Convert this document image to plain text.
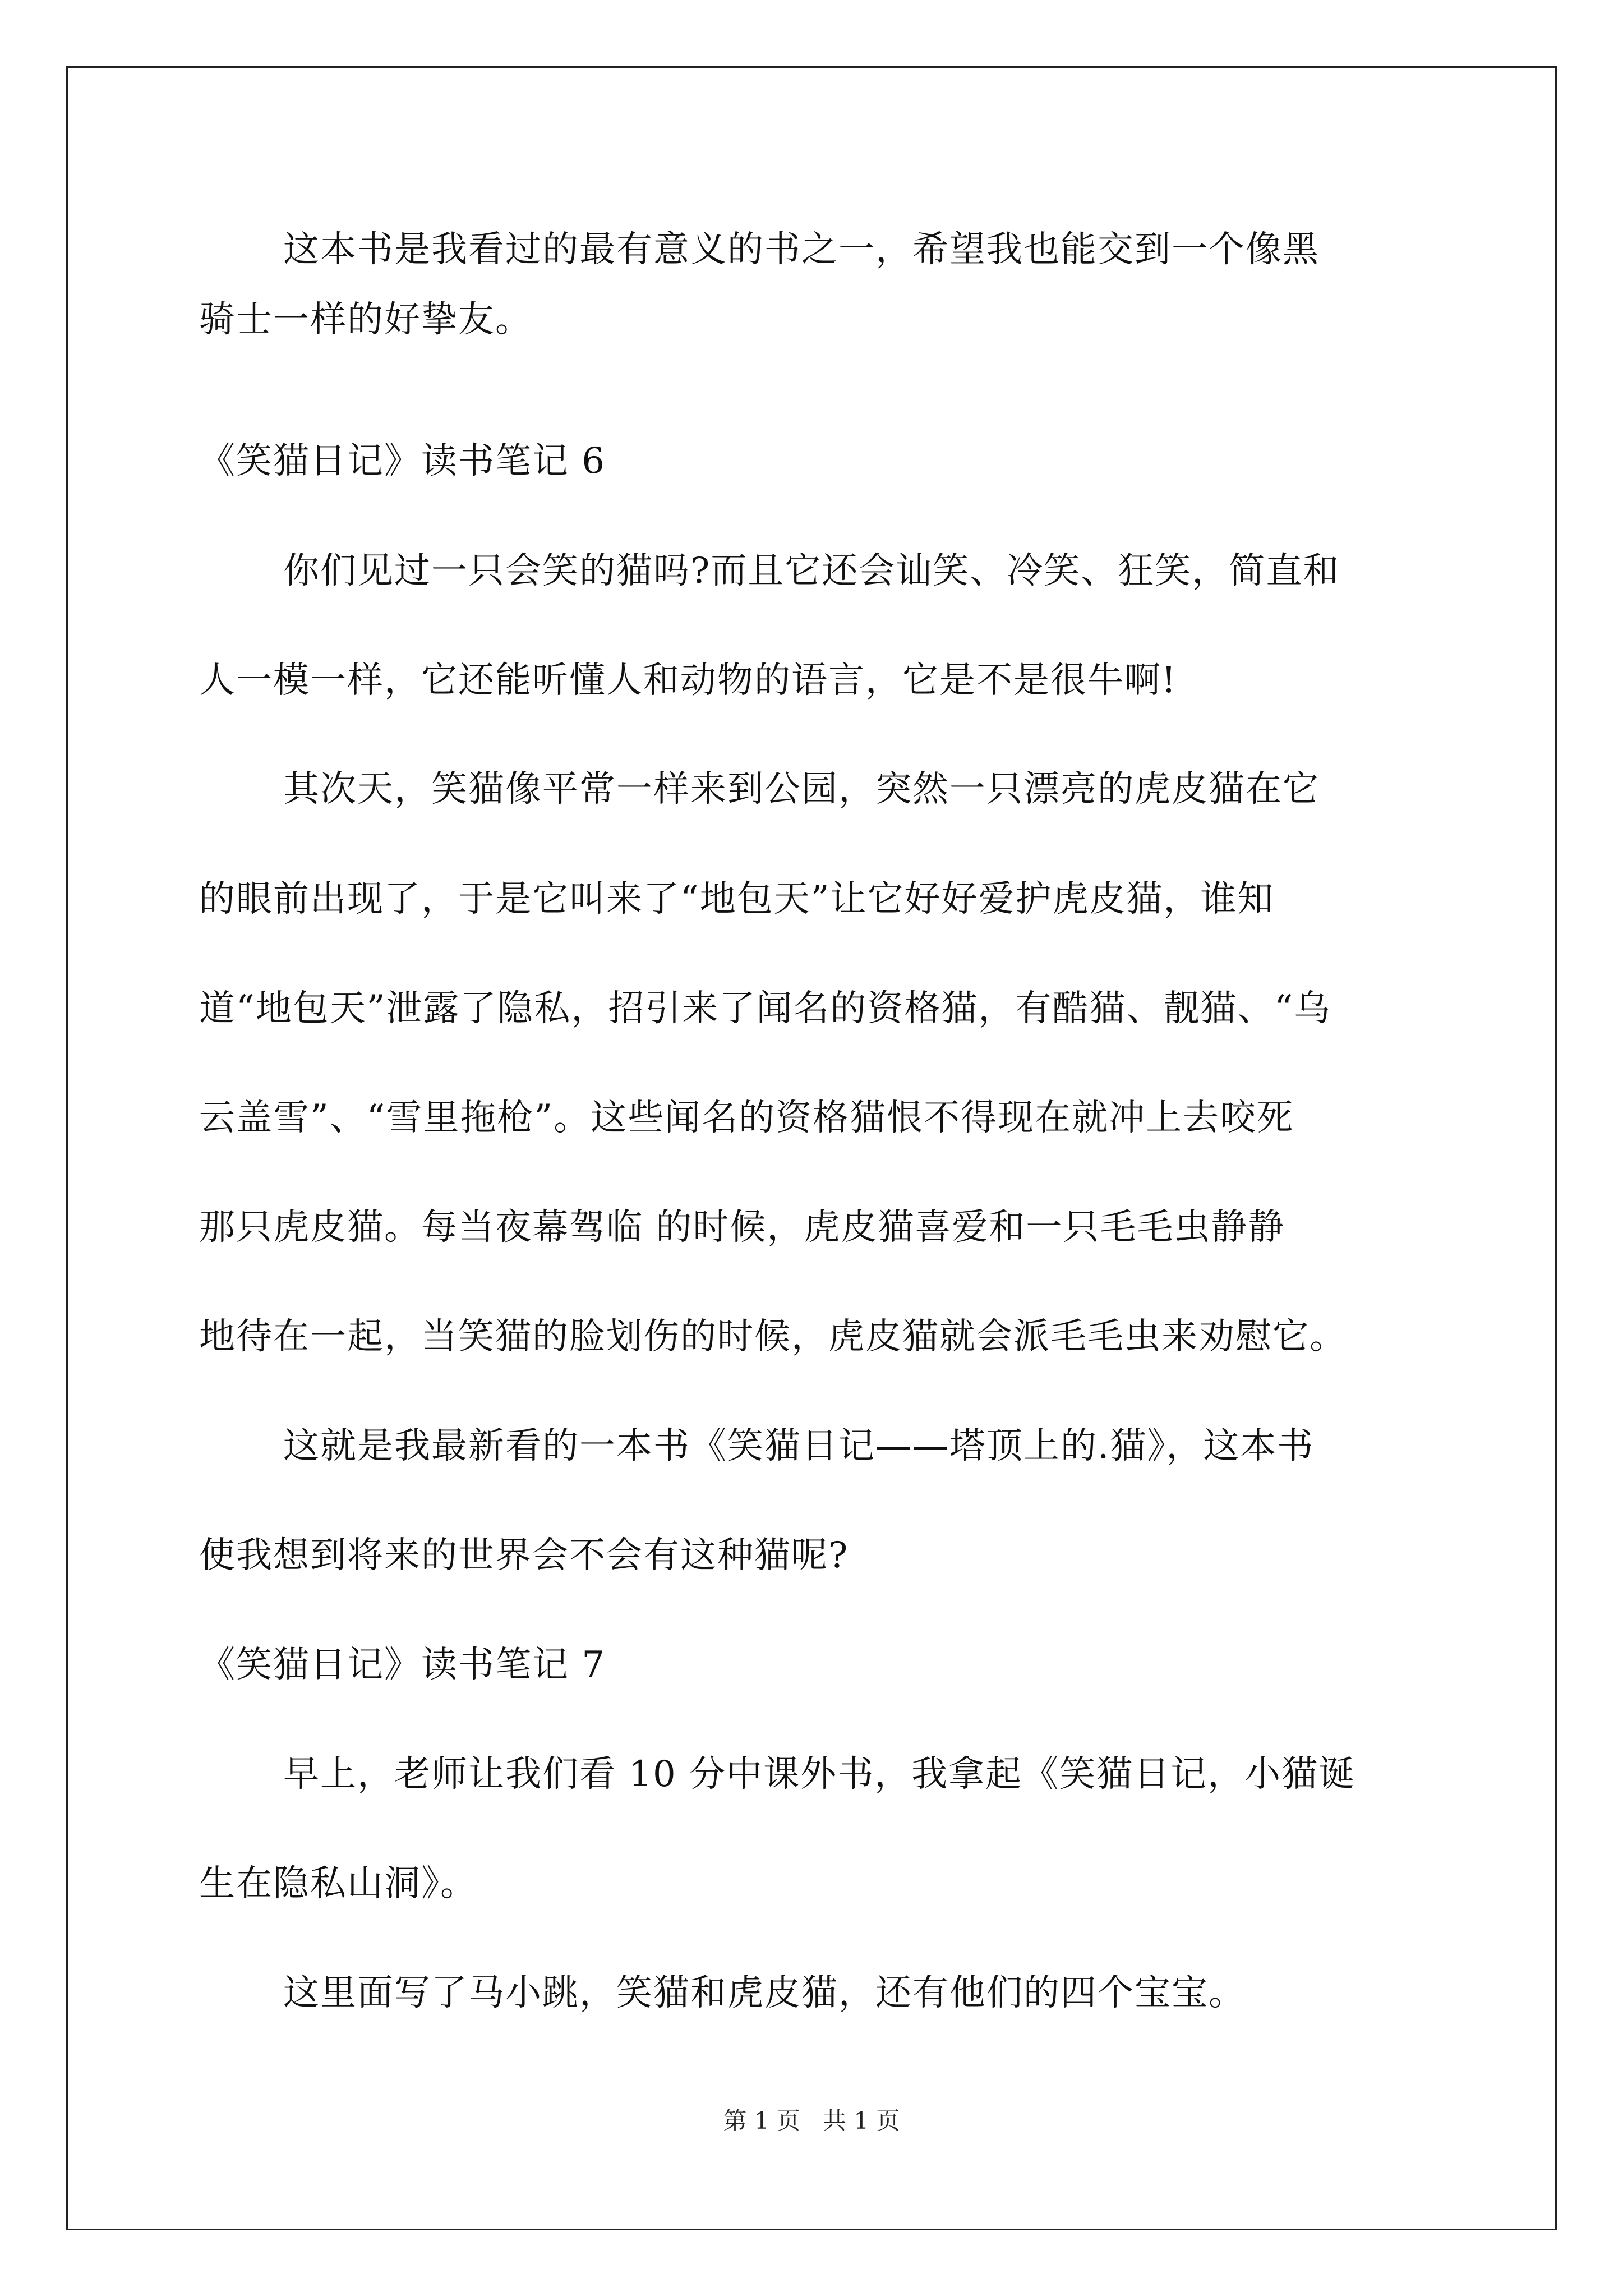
这本书是我看过的最有意义的书之一，希望我也能交到一个像黑
骑士一样的好挚友。
《笑猫日记》读书笔记 6
你们见过一只会笑的猫吗?而且它还会讪笑、冷笑、狂笑，简直和
人一模一样，它还能听懂人和动物的语言，它是不是很牛啊!
其次天，笑猫像平常一样来到公园，突然一只漂亮的虎皮猫在它
的眼前出现了，于是它叫来了“地包天”让它好好爱护虎皮猫，谁知
道“地包天”泄露了隐私，招引来了闻名的资格猫，有酷猫、靓猫、“乌
云盖雪”、“雪里拖枪”。这些闻名的资格猫恨不得现在就冲上去咬死
那只虎皮猫。每当夜幕驾临 的时候，虎皮猫喜爱和一只毛毛虫静静
地待在一起，当笑猫的脸划伤的时候，虎皮猫就会派毛毛虫来劝慰它。
这就是我最新看的一本书《笑猫日记——塔顶上的.猫》，这本书
使我想到将来的世界会不会有这种猫呢?
《笑猫日记》读书笔记 7
早上，老师让我们看 10 分中课外书，我拿起《笑猫日记，小猫诞
生在隐私山洞》。
这里面写了马小跳，笑猫和虎皮猫，还有他们的四个宝宝。
第 1 页   共 1 页
